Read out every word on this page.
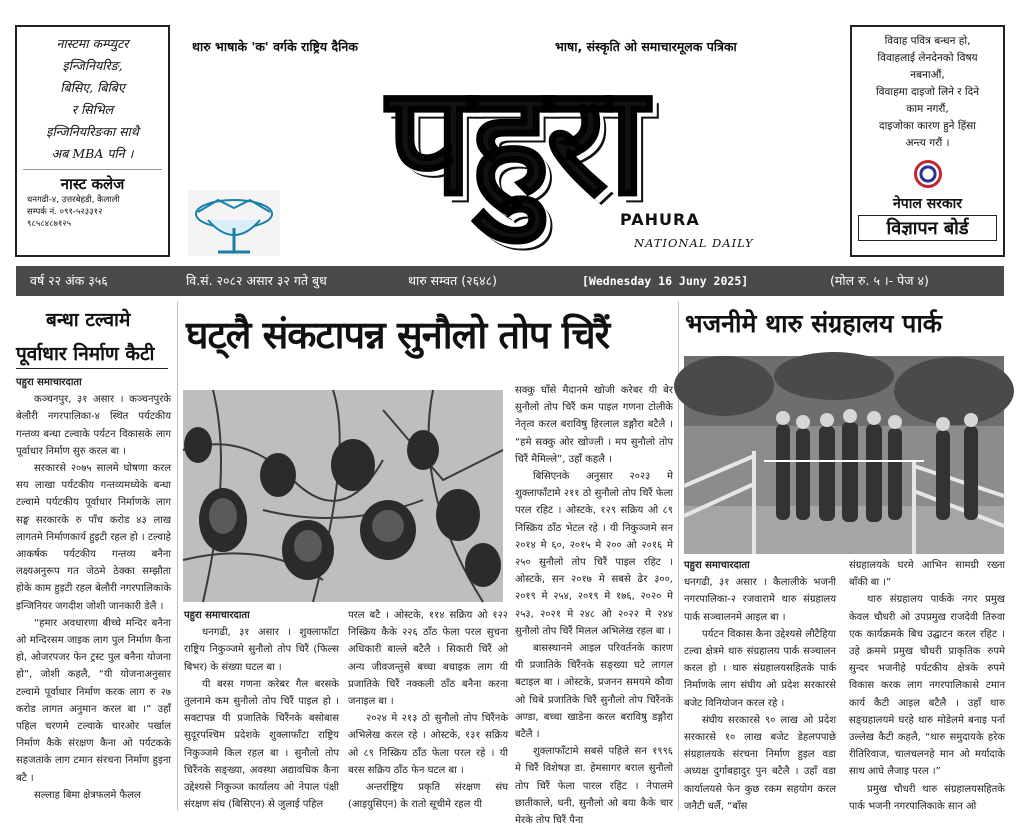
नास्टमा कम्प्युटर
इन्जिनियरिङ,
बिसिए, बिबिए
र सिभिल
इन्जिनियरिङका साथै
अब MBA पनि ।
नास्ट कलेज
धनगढी-४, उत्तरबेहडी, कैलाली
सम्पर्क नं. ०९१-५२३३१२
९८५८४८७१२५
थारु भाषाके 'क' वर्गके राष्ट्रिय दैनिक	भाषा, संस्कृति ओ समाचारमूलक पत्रिका
पहुरा
PAHURA
NATIONAL DAILY
विवाह पवित्र बन्धन हो,
विवाहलाई लेनदेनको विषय
नबनाऔं,
विवाहमा दाइजो लिने र दिने
काम नगरौं,
दाइजोका कारण हुने हिंसा
अन्त्य गरौं ।
नेपाल सरकार
विज्ञापन बोर्ड
वर्ष २२ अंक ३५६	वि.सं. २०८२ असार ३२ गते बुध	थारु सम्वत (२६४८)	[Wednesday 16 Juny 2025]	(मोल रु. ५ ।- पेज ४)
बन्धा टल्वामे
पूर्वाधार निर्माण कैटी घट्लै संकटापन्न सुनौलो तोप चिरैं	भजनीमे थारु संग्रहालय पार्क

पहुरा समाचारदाता

कञ्चनपुर, ३१ असार । कञ्चनपुरके बेलौरी नगरपालिका-४ स्थित पर्यटकीय गन्तव्य बन्धा टल्वाके पर्यटन विकासके लाग पूर्वाधार निर्माण सुरु करल बा ।

सरकारसे २०७५ सालमे घोषणा करल सय लाखा पर्यटकीय गन्तव्यमध्येके बन्धा टल्वामे पर्यटकीय पूर्वाधार निर्माणके लाग सङ्घ सरकारके रु पाँच करोड ४३ लाख लागतमे निर्माणकार्य हुइटी रहल हो । टल्वाहे आकर्षक पर्यटकीय गन्तव्य बनैना लक्ष्यअनुरूप गत जेठमे ठेक्का सम्झौता होके काम हुइटी रहल बेलौरी नगरपालिकाके इन्जिनियर जगदीश जोशी जानकारी डेलै ।

“हमार अवधारणा बीच्चे मन्दिर बनैना ओ मन्दिरसम जाइक लाग पुल निर्माण कैना हो, ओजरपजर फेन ट्रस्ट पुल बनैना योजना हो”, जोशी कहलै, “यी योजनाअनुसार टल्वामे पूर्वाधार निर्माण करक लाग रु २७ करोड लागत अनुमान करल बा ।” उहाँ पहिल चरणमे टल्वाके चारओर पर्खाल निर्माण कैके संरक्षण कैना ओ पर्यटकके सहजताके लाग टमान संरचना निर्माण हुइना बटै ।

सल्लाह बिमा क्षेत्रफलमे फैलल

पहुरा समाचारदाता

धनगढी, ३१ असार । शुक्लाफाँटा राष्ट्रिय निकुञ्जमे सुनौलो तोप चिरैं (फिल्स बिभर) के संख्या घटल बा ।

यी बरस गणना करेबर गैल बरसके तुलनामे कम सुनौलो तोप चिरैं पाइल हो । सक्टापन्न यी प्रजातिके चिरैंनके बसोबास सुदूरपश्चिम प्रदेशके शुक्लाफाँटा राष्ट्रिय निकुञ्जमे किल रहल बा । सुनौलो तोप चिरैंनके सङ्ख्या, अवस्था अद्यावधिक कैना उद्देश्यसे निकुञ्ज कार्यालय ओ नेपाल पंक्षी संरक्षण संघ (बिसिएन) से जुलाई पहिल

परल बटै । ओस्टके, ११४ सक्रिय ओ १२२ निस्क्रिय कैके २२६ ठाँठ फेला परल सुचना अधिकारी बाल्ले बटैलै । सिकारी चिरैं ओ अन्य जीवजन्तुसे बच्चा बचाइक लाग यी प्रजातिके चिरैं नक्कली ठाँठ बनैना करना जनाइल बा ।

२०२४ मे २१३ ठो सुनौलो तोप चिरैंनके अभिलेख करल रहे । ओस्टके, १३१ सक्रिय ओ ८९ निस्क्रिय ठाँठ फेला परल रहे । यी बरस सक्रिय ठाँठ फेन घटल बा ।

अन्तर्राष्ट्रिय प्रकृति संरक्षण संघ (आइयुसिएन) के रातो सूचीमे रहल यी

सक्कु घाँसे मैदानमे खोजी करेबर यी बेर सुनौलो तोप चिरैं कम पाइल गणना टोलीके नेतृत्व करल बराविषु हिरलाल डङ्गौरा बटैलै । “हमे सक्कु ओर खोज्ली । मप सुनौलो तोप चिरैं मैमिल्ले”, उहाँ कहलै ।

बिसिएनके अनुसार २०२३ मे शुक्लाफाँटामे २११ ठो सुनौलो तोप चिरैं फेला परल रहिट । ओस्टके, १२९ सक्रिय ओ ८९ निस्क्रिय ठाँठ भेटल रहे । यी निकुञ्जमे सन २०१४ मे ६०, २०१५ मे २०० ओ २०१६ मे २५० सुनौलो तोप चिरैं पाइल रहिट । ओस्टके, सन २०१७ मे सबसे ढेर ३००, २०१९ मे २५४, २०१९ मे १७६, २०२० मे २५३, २०२१ मे २४८ ओ २०२२ मे २४४ सुनौलो तोप चिरैं मिलल अभिलेख रहल बा ।

बासस्थानमे आइल परिवर्तनके कारण यी प्रजातिके चिरैंनके सङ्ख्या घटे लागल बटाइल बा । ओस्टके, प्रजनन समयमे कौवा ओ चिबे प्रजातिके चिरैं सुनौलो तोप चिरैंनके अण्डा, बच्चा खाडेना करल बराविषु डङ्गौरा बटैलै ।

शुक्लाफाँटामे सबसे पहिले सन १९९६ मे चिरैं विशेषज्ञ डा. हेमसागर बराल सुनौलो तोप चिरैं फेला पारल रहिट । नेपालमे छातीकाले, धनी, सुनौलो ओ बया कैके चार मेरके तोप चिरैं पैना

पहुरा समाचारदाता

धनगढी, ३१ असार । कैलालीके भजनी नगरपालिका-२ रजवारामे थारु संग्रहालय पार्क सञ्चालनमे आइल बा ।

पर्यटन विकास कैना उद्देश्यसे लौटैहिया टल्वा क्षेत्रमे थारु संग्रहालय पार्क सञ्चालन करल हो । थारु संग्रहालयसहितके पार्क निर्माणके लाग संघीय ओ प्रदेश सरकारसे बजेट विनियोजन करल रहे ।

संघीय सरकारसे ९० लाख ओ प्रदेश सरकारसे १० लाख बजेट डेहलपपाछे संग्रहालयके संरचना निर्माण हुइल वडा अध्यक्ष दुर्गाबहादुर पुन बटैलै । उहाँ वडा कार्यालयसे फेन कुछ रकम सहयोग करल जनैटी धर्लै, “बाँस

संग्रहालयके घरमे आभिन सामग्री रख्ना बाँकी बा ।”

थारु संग्रहालय पार्कके नगर प्रमुख केवल चौधरी ओ उपप्रमुख राजदेवी तिरुवा एक कार्यक्रमके बिच उद्घाटन करल रहिट । उहे क्रममे प्रमुख चौधरी प्राकृतिक रुपमे सुन्दर भजनीहे पर्यटकीय क्षेत्रके रुपमे विकास करक लाग नगरपालिकासे टमान कार्य कैटी आइल बटैलै । उहाँ थारु सङ्ग्रहालयमे घरहे थारु मोडेलमे बनाइ पर्ना उल्लेख कैटी कहलै, “थारु समुदायके हरेक रीतिरिवाज, चालचलनहे मान ओ मर्यादाके साथ आघे लैजाइ परल ।”

प्रमुख चौधरी थारु संग्रहालयसहितके पार्क भजनी नगरपालिकाके सान ओ
